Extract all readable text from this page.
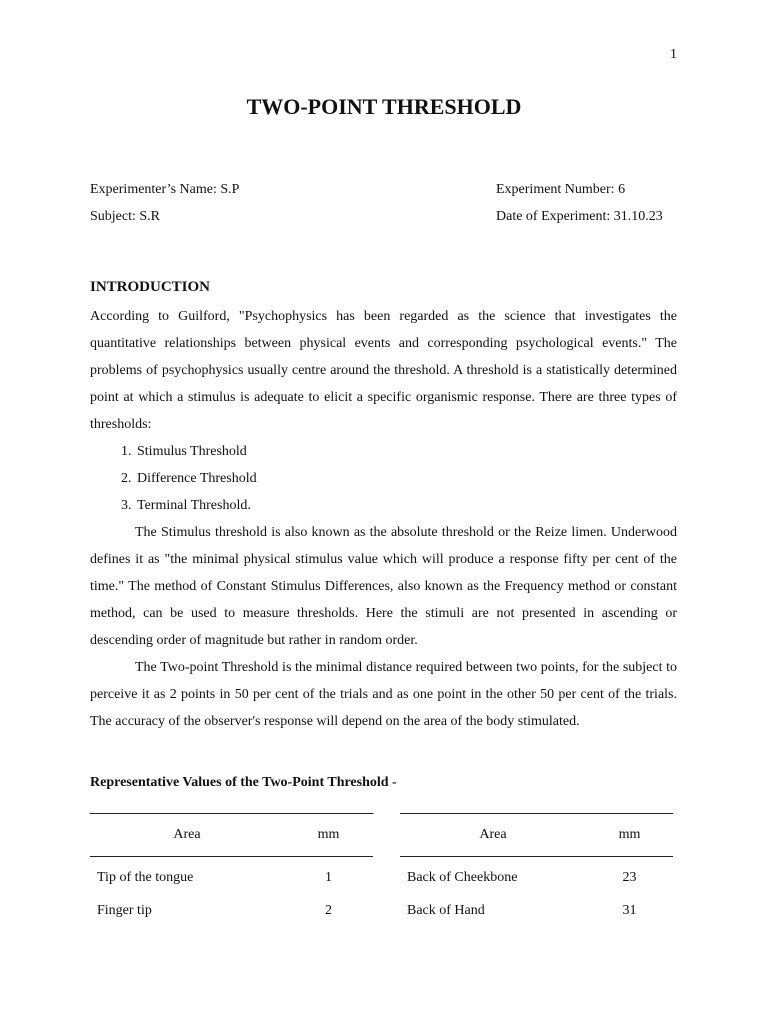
1
TWO-POINT THRESHOLD
Experimenter’s Name: S.P	Experiment Number: 6
Subject: S.R	Date of Experiment: 31.10.23
INTRODUCTION

According to Guilford, "Psychophysics has been regarded as the science that investigates the quantitative relationships between physical events and corresponding psychological events." The problems of psychophysics usually centre around the threshold. A threshold is a statistically determined point at which a stimulus is adequate to elicit a specific organismic response. There are three types of thresholds:

1. Stimulus Threshold
2. Difference Threshold
3. Terminal Threshold.

The Stimulus threshold is also known as the absolute threshold or the Reize limen. Underwood defines it as "the minimal physical stimulus value which will produce a response fifty per cent of the time." The method of Constant Stimulus Differences, also known as the Frequency method or constant method, can be used to measure thresholds. Here the stimuli are not presented in ascending or descending order of magnitude but rather in random order.

The Two-point Threshold is the minimal distance required between two points, for the subject to perceive it as 2 points in 50 per cent of the trials and as one point in the other 50 per cent of the trials. The accuracy of the observer's response will depend on the area of the body stimulated.

Representative Values of the Two-Point Threshold -
Area	mm
Tip of the tongue	1
Finger tip	2
Area	mm
Back of Cheekbone	23
Back of Hand	31
